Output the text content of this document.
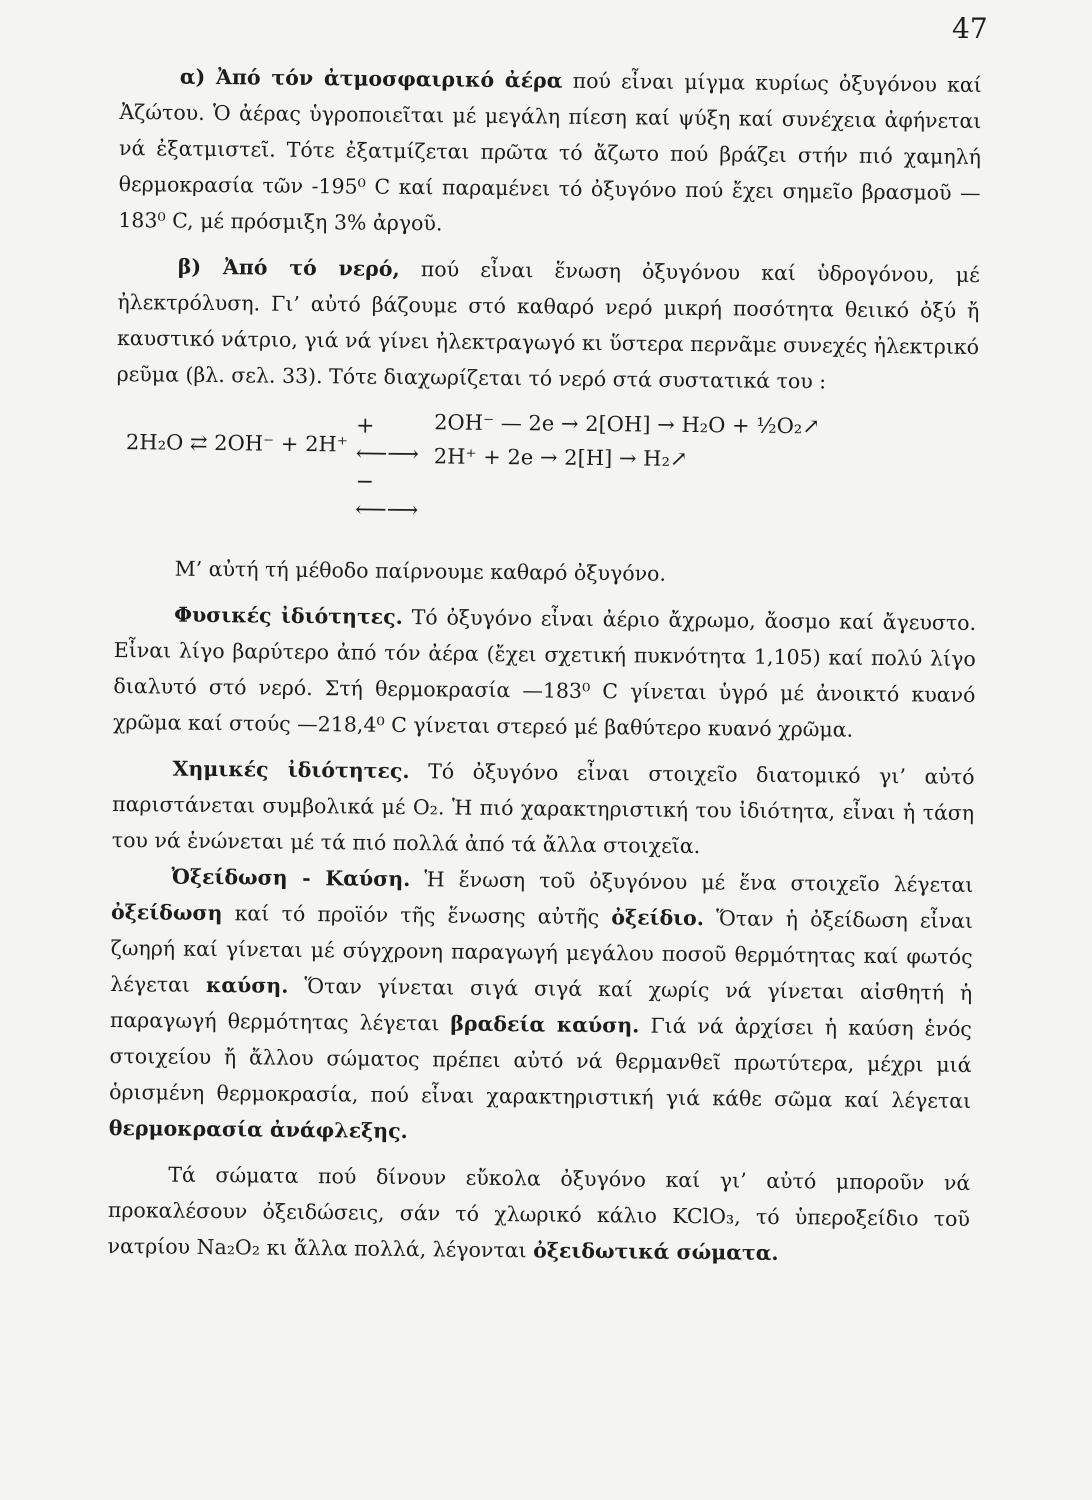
47

α) Ἀπό τόν ἀτμοσφαιρικό ἀέρα πού εἶναι μίγμα κυρίως ὀξυγόνου καί Ἀζώτου. Ὁ ἀέρας ὑγροποιεῖται μέ μεγάλη πίεση καί ψύξη καί συνέχεια ἀφήνεται νά ἐξατμιστεῖ. Τότε ἐξατμίζεται πρῶτα τό ἄζωτο πού βράζει στήν πιό χαμηλή θερμοκρασία τῶν -195⁰ C καί παραμένει τό ὀξυγόνο πού ἔχει σημεῖο βρασμοῦ —183⁰ C, μέ πρόσμιξη 3% ἀργοῦ.

β) Ἀπό τό νερό, πού εἶναι ἕνωση ὀξυγόνου καί ὑδρογόνου, μέ ἠλεκτρόλυση. Γι’ αὐτό βάζουμε στό καθαρό νερό μικρή ποσότητα θειικό ὀξύ ἤ καυστικό νάτριο, γιά νά γίνει ἠλεκτραγωγό κι ὕστερα περνᾶμε συνεχές ἠλεκτρικό ρεῦμα (βλ. σελ. 33). Τότε διαχωρίζεται τό νερό στά συστατικά του :

2H₂O ⇄ 2OH⁻ + 2H⁺
+ ⟵⟶
− ⟵⟶
2OH⁻ — 2e → 2[OH] → H₂O + ½O₂↗
2H⁺ + 2e → 2[H] → H₂↗

Μ’ αὐτή τή μέθοδο παίρνουμε καθαρό ὀξυγόνο.

Φυσικές ἰδιότητες. Τό ὀξυγόνο εἶναι ἀέριο ἄχρωμο, ἄοσμο καί ἄγευστο. Εἶναι λίγο βαρύτερο ἀπό τόν ἀέρα (ἔχει σχετική πυκνότητα 1,105) καί πολύ λίγο διαλυτό στό νερό. Στή θερμοκρασία —183⁰ C γίνεται ὑγρό μέ ἀνοικτό κυανό χρῶμα καί στούς —218,4⁰ C γίνεται στερεό μέ βαθύτερο κυανό χρῶμα.

Χημικές ἰδιότητες. Τό ὀξυγόνο εἶναι στοιχεῖο διατομικό γι’ αὐτό παριστάνεται συμβολικά μέ O₂. Ἡ πιό χαρακτηριστική του ἰδιότητα, εἶναι ἡ τάση του νά ἑνώνεται μέ τά πιό πολλά ἀπό τά ἄλλα στοιχεῖα.

Ὀξείδωση - Καύση. Ἡ ἕνωση τοῦ ὀξυγόνου μέ ἕνα στοιχεῖο λέγεται ὀξείδωση καί τό προϊόν τῆς ἕνωσης αὐτῆς ὀξείδιο. Ὅταν ἡ ὀξείδωση εἶναι ζωηρή καί γίνεται μέ σύγχρονη παραγωγή μεγάλου ποσοῦ θερμότητας καί φωτός λέγεται καύση. Ὅταν γίνεται σιγά σιγά καί χωρίς νά γίνεται αἰσθητή ἡ παραγωγή θερμότητας λέγεται βραδεία καύση. Γιά νά ἀρχίσει ἡ καύση ἑνός στοιχείου ἤ ἄλλου σώματος πρέπει αὐτό νά θερμανθεῖ πρωτύτερα, μέχρι μιά ὁρισμένη θερμοκρασία, πού εἶναι χαρακτηριστική γιά κάθε σῶμα καί λέγεται θερμοκρασία ἀνάφλεξης.

Τά σώματα πού δίνουν εὔκολα ὀξυγόνο καί γι’ αὐτό μποροῦν νά προκαλέσουν ὀξειδώσεις, σάν τό χλωρικό κάλιο KClO₃, τό ὑπεροξείδιο τοῦ νατρίου Na₂O₂ κι ἄλλα πολλά, λέγονται ὀξειδωτικά σώματα.
